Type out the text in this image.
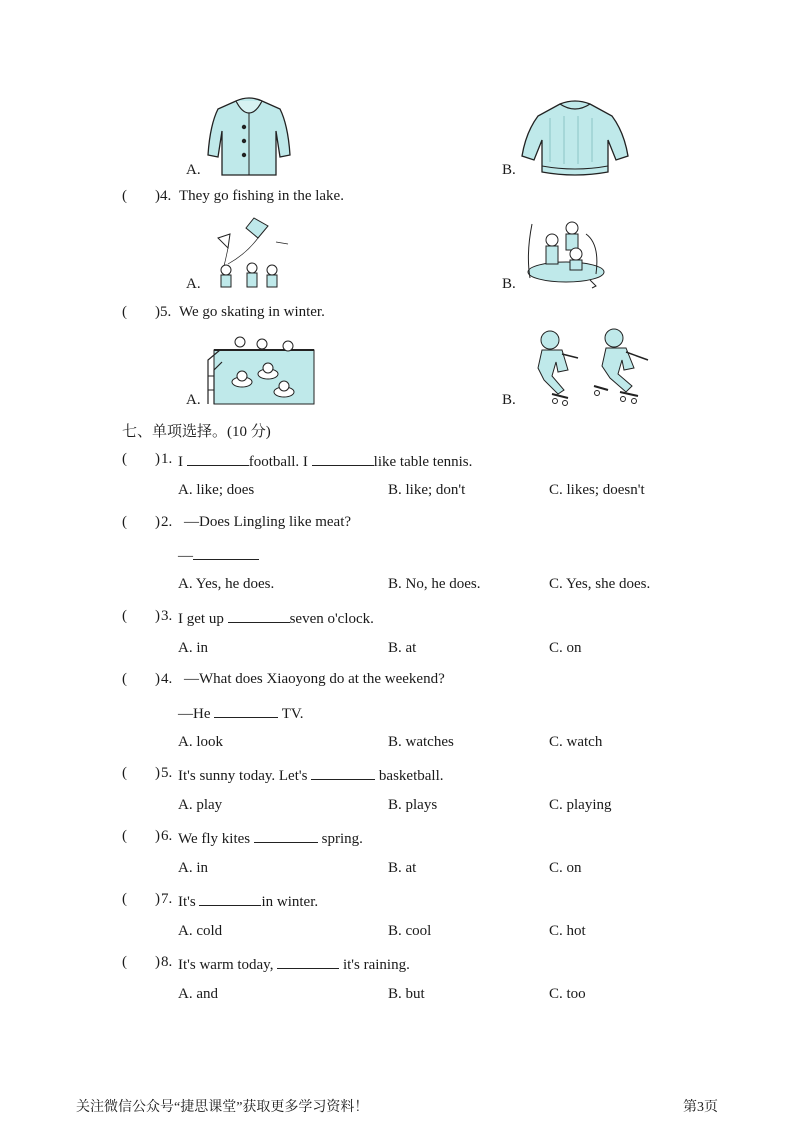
A.	B.
( )4. They go fishing in the lake.
A.	B.
( )5. We go skating in winter.
A.	B.
七、单项选择。(10 分)
( ) 1. I	football. I	like table tennis.
A. like; does	B. like; don't	C. likes; doesn't
( ) 2. —Does Lingling like meat?
—
A. Yes, he does.	B. No, he does.	C. Yes, she does.
( ) 3. I get up	seven o'clock.
A. in	B. at	C. on
( ) 4. —What does Xiaoyong do at the weekend?
—He	TV.
A. look	B. watches	C. watch
( ) 5. It's sunny today. Let's	basketball.
A. play	B. plays	C. playing
( ) 6. We fly kites	spring.
A. in	B. at	C. on
( ) 7. It's	in winter.
A. cold	B. cool	C. hot
( ) 8. It's warm today,	it's raining.
A. and	B. but	C. too
关注微信公众号“捷思课堂”获取更多学习资料！	第3页
